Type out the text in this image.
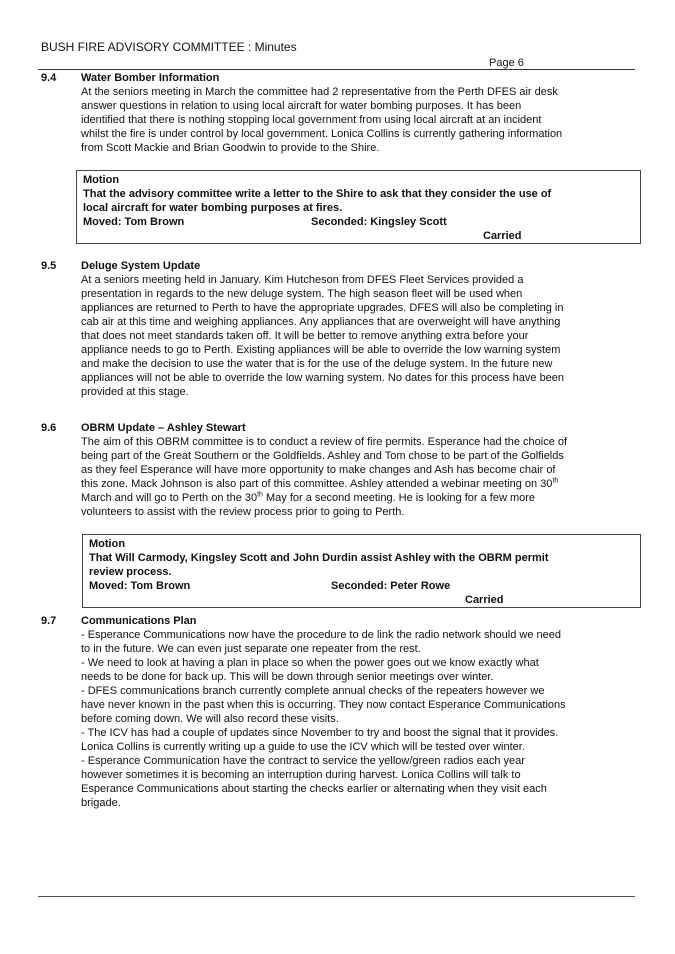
BUSH FIRE ADVISORY COMMITTEE : Minutes
Page 6
9.4 Water Bomber Information
At the seniors meeting in March the committee had 2 representative from the Perth DFES air desk
answer questions in relation to using local aircraft for water bombing purposes. It has been
identified that there is nothing stopping local government from using local aircraft at an incident
whilst the fire is under control by local government. Lonica Collins is currently gathering information
from Scott Mackie and Brian Goodwin to provide to the Shire.
Motion
That the advisory committee write a letter to the Shire to ask that they consider the use of
local aircraft for water bombing purposes at fires.
Moved: Tom Brown	Seconded: Kingsley Scott
Carried
9.5 Deluge System Update
At a seniors meeting held in January. Kim Hutcheson from DFES Fleet Services provided a
presentation in regards to the new deluge system. The high season fleet will be used when
appliances are returned to Perth to have the appropriate upgrades. DFES will also be completing in
cab air at this time and weighing appliances. Any appliances that are overweight will have anything
that does not meet standards taken off. It will be better to remove anything extra before your
appliance needs to go to Perth. Existing appliances will be able to override the low warning system
and make the decision to use the water that is for the use of the deluge system. In the future new
appliances will not be able to override the low warning system. No dates for this process have been
provided at this stage.
9.6 OBRM Update – Ashley Stewart
The aim of this OBRM committee is to conduct a review of fire permits. Esperance had the choice of
being part of the Great Southern or the Goldfields. Ashley and Tom chose to be part of the Golfields
as they feel Esperance will have more opportunity to make changes and Ash has become chair of
this zone. Mack Johnson is also part of this committee. Ashley attended a webinar meeting on 30th
March and will go to Perth on the 30th May for a second meeting. He is looking for a few more
volunteers to assist with the review process prior to going to Perth.
Motion
That Will Carmody, Kingsley Scott and John Durdin assist Ashley with the OBRM permit
review process.
Moved: Tom Brown	Seconded: Peter Rowe
Carried
9.7 Communications Plan
- Esperance Communications now have the procedure to de link the radio network should we need
to in the future. We can even just separate one repeater from the rest.
- We need to look at having a plan in place so when the power goes out we know exactly what
needs to be done for back up. This will be down through senior meetings over winter.
- DFES communications branch currently complete annual checks of the repeaters however we
have never known in the past when this is occurring. They now contact Esperance Communications
before coming down. We will also record these visits.
- The ICV has had a couple of updates since November to try and boost the signal that it provides.
Lonica Collins is currently writing up a guide to use the ICV which will be tested over winter.
- Esperance Communication have the contract to service the yellow/green radios each year
however sometimes it is becoming an interruption during harvest. Lonica Collins will talk to
Esperance Communications about starting the checks earlier or alternating when they visit each
brigade.
